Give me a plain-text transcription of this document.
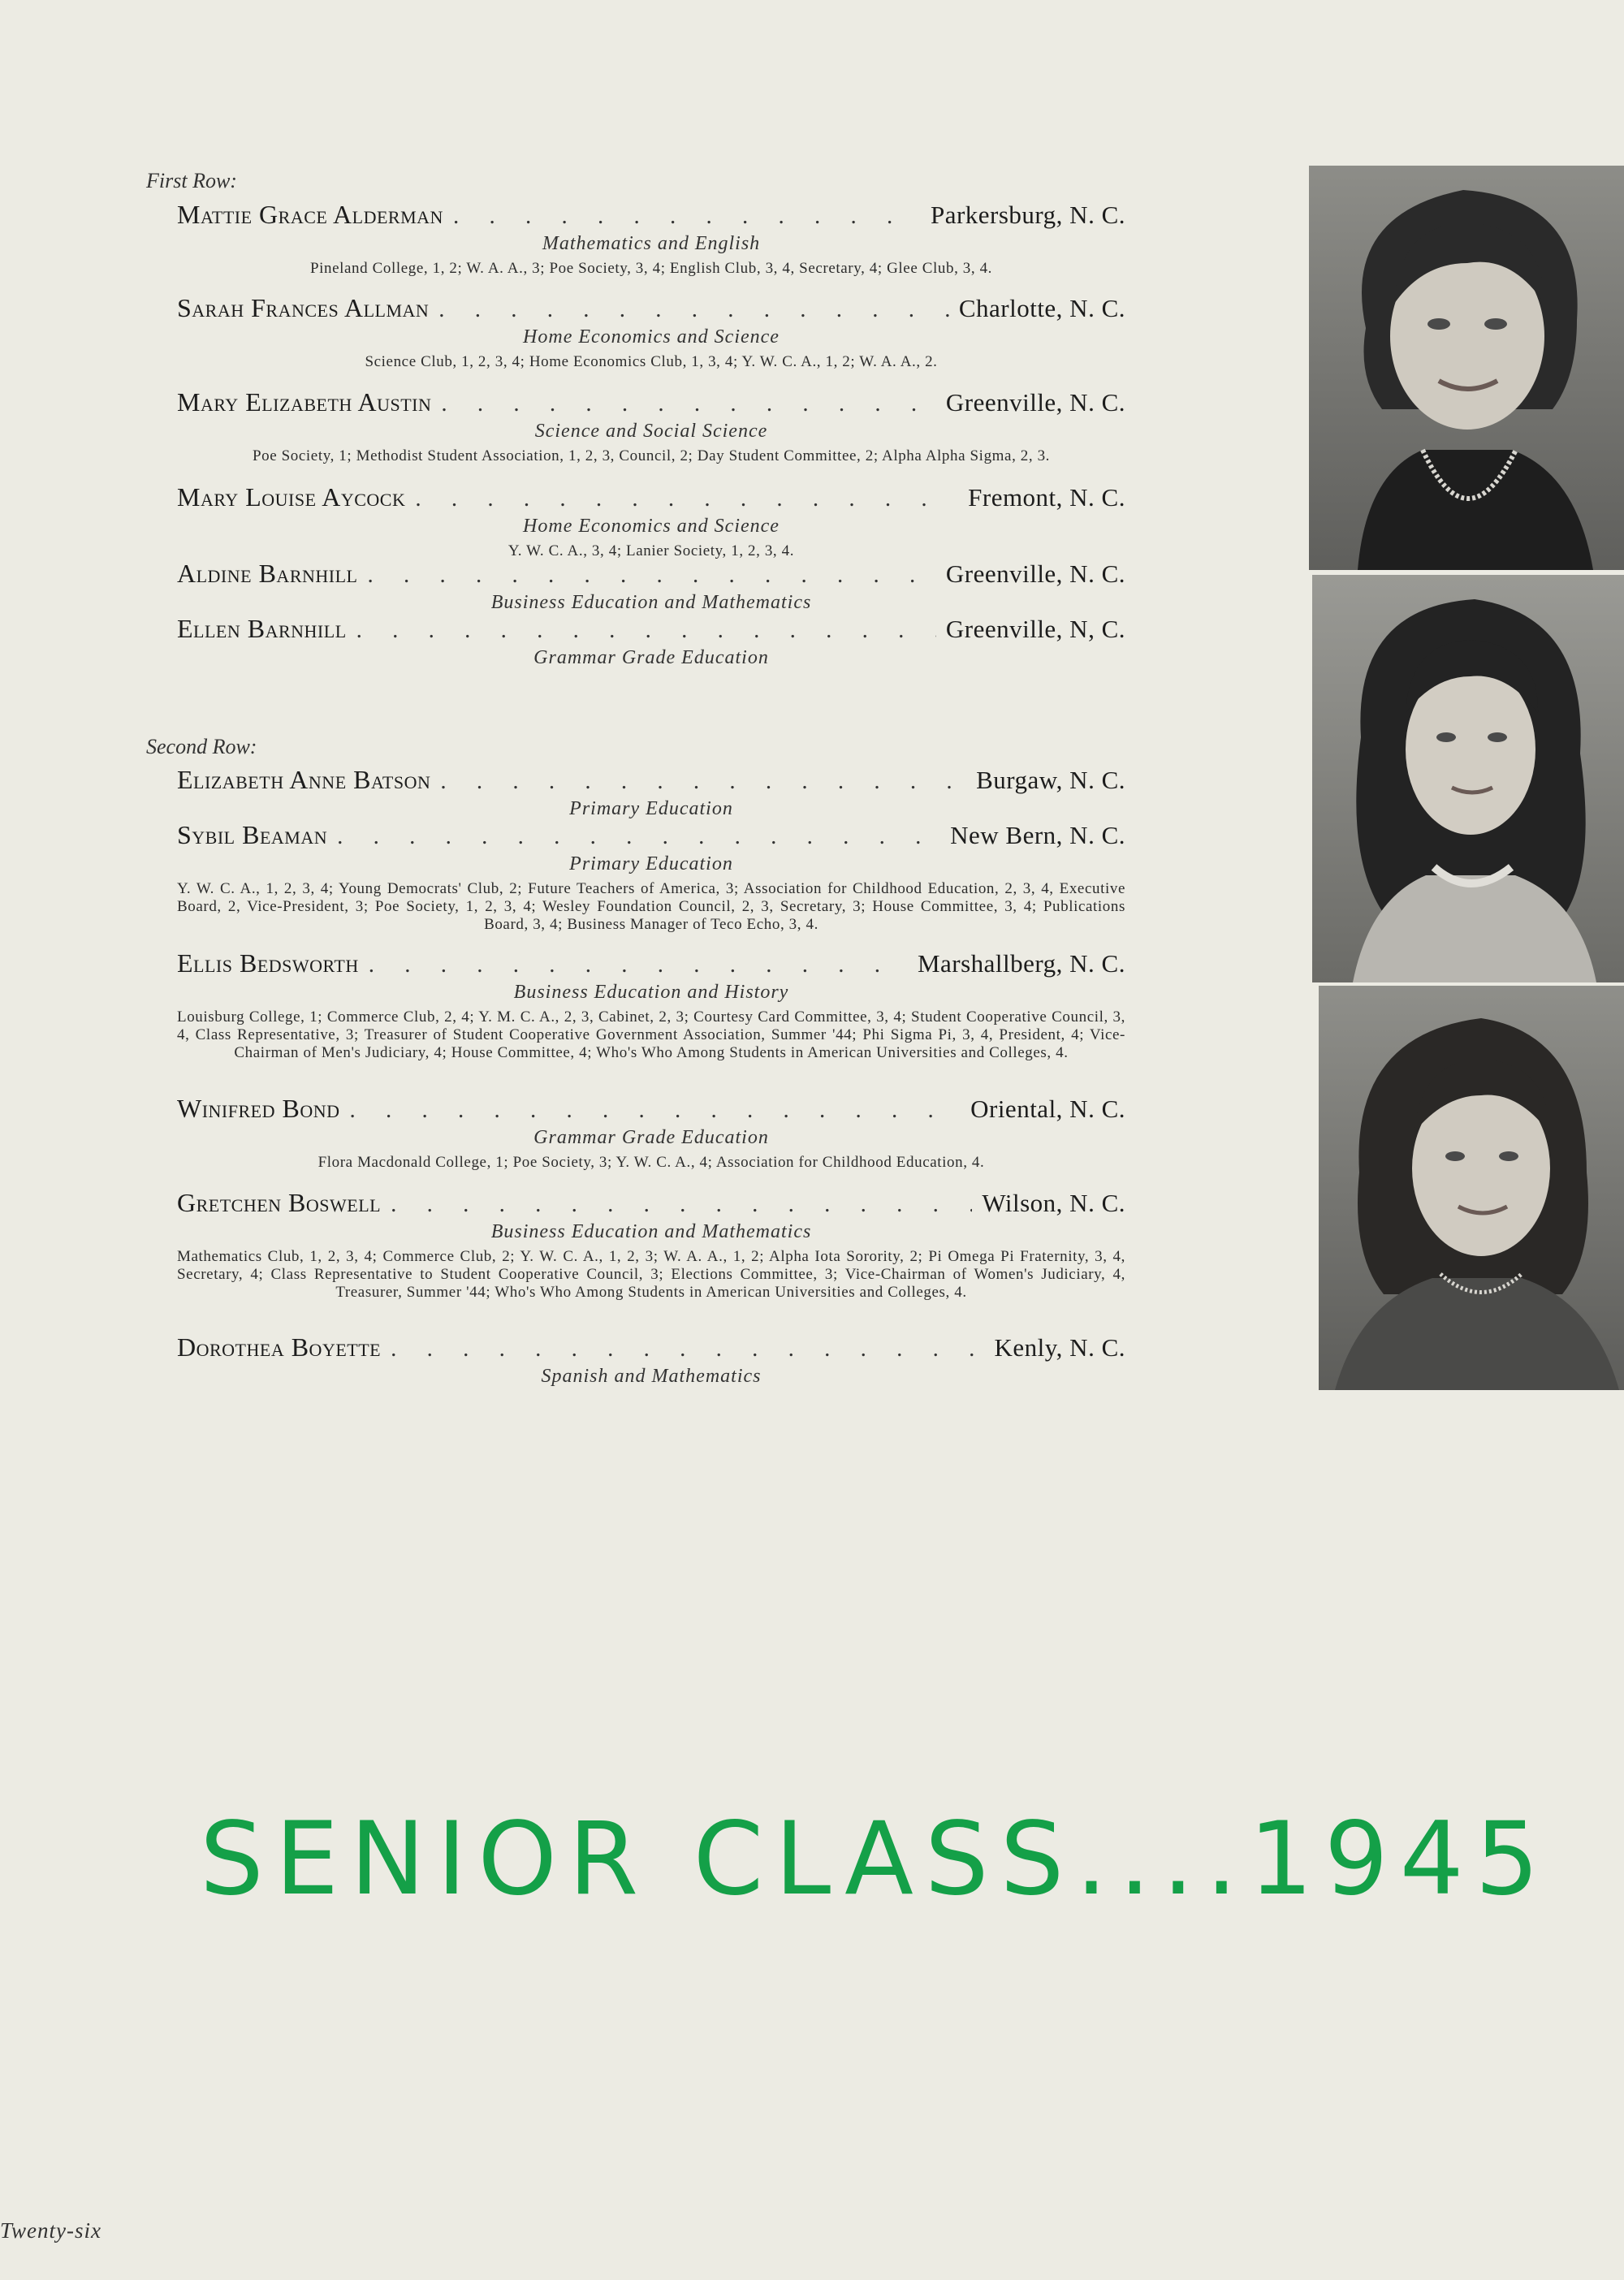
First Row:
Mattie Grace Alderman . . .	Parkersburg, N. C.
Mathematics and English
Pineland College, 1, 2; W. A. A., 3; Poe Society, 3, 4; English Club, 3, 4, Secretary, 4; Glee Club, 3, 4.
Sarah Frances Allman . . .	Charlotte, N. C.
Home Economics and Science
Science Club, 1, 2, 3, 4; Home Economics Club, 1, 3, 4; Y. W. C. A., 1, 2; W. A. A., 2.
Mary Elizabeth Austin . . .	Greenville, N. C.
Science and Social Science
Poe Society, 1; Methodist Student Association, 1, 2, 3, Council, 2; Day Student Committee, 2; Alpha Alpha Sigma, 2, 3.
Mary Louise Aycock . . .	Fremont, N. C.
Home Economics and Science
Y. W. C. A., 3, 4; Lanier Society, 1, 2, 3, 4.
Aldine Barnhill . . .	Greenville, N. C.
Business Education and Mathematics
Ellen Barnhill . . .	Greenville, N, C.
Grammar Grade Education
Second Row:
Elizabeth Anne Batson . . .	Burgaw, N. C.
Primary Education
Sybil Beaman . . .	New Bern, N. C.
Primary Education
Y. W. C. A., 1, 2, 3, 4; Young Democrats' Club, 2; Future Teachers of America, 3; Association for Childhood Education, 2, 3, 4, Executive Board, 2, Vice-President, 3; Poe Society, 1, 2, 3, 4; Wesley Foundation Council, 2, 3, Secretary, 3; House Committee, 3, 4; Publications Board, 3, 4; Business Manager of Teco Echo, 3, 4.
Ellis Bedsworth . . .	Marshallberg, N. C.
Business Education and History
Louisburg College, 1; Commerce Club, 2, 4; Y. M. C. A., 2, 3, Cabinet, 2, 3; Courtesy Card Committee, 3, 4; Student Cooperative Council, 3, 4, Class Representative, 3; Treasurer of Student Cooperative Government Association, Summer '44; Phi Sigma Pi, 3, 4, President, 4; Vice-Chairman of Men's Judiciary, 4; House Committee, 4; Who's Who Among Students in American Universities and Colleges, 4.
Winifred Bond . . .	Oriental, N. C.
Grammar Grade Education
Flora Macdonald College, 1; Poe Society, 3; Y. W. C. A., 4; Association for Childhood Education, 4.
Gretchen Boswell . . .	Wilson, N. C.
Business Education and Mathematics
Mathematics Club, 1, 2, 3, 4; Commerce Club, 2; Y. W. C. A., 1, 2, 3; W. A. A., 1, 2; Alpha Iota Sorority, 2; Pi Omega Pi Fraternity, 3, 4, Secretary, 4; Class Representative to Student Cooperative Council, 3; Elections Committee, 3; Vice-Chairman of Women's Judiciary, 4, Treasurer, Summer '44; Who's Who Among Students in American Universities and Colleges, 4.
Dorothea Boyette . . .	Kenly, N. C.
Spanish and Mathematics
SENIOR CLASS....1945
Twenty-six
